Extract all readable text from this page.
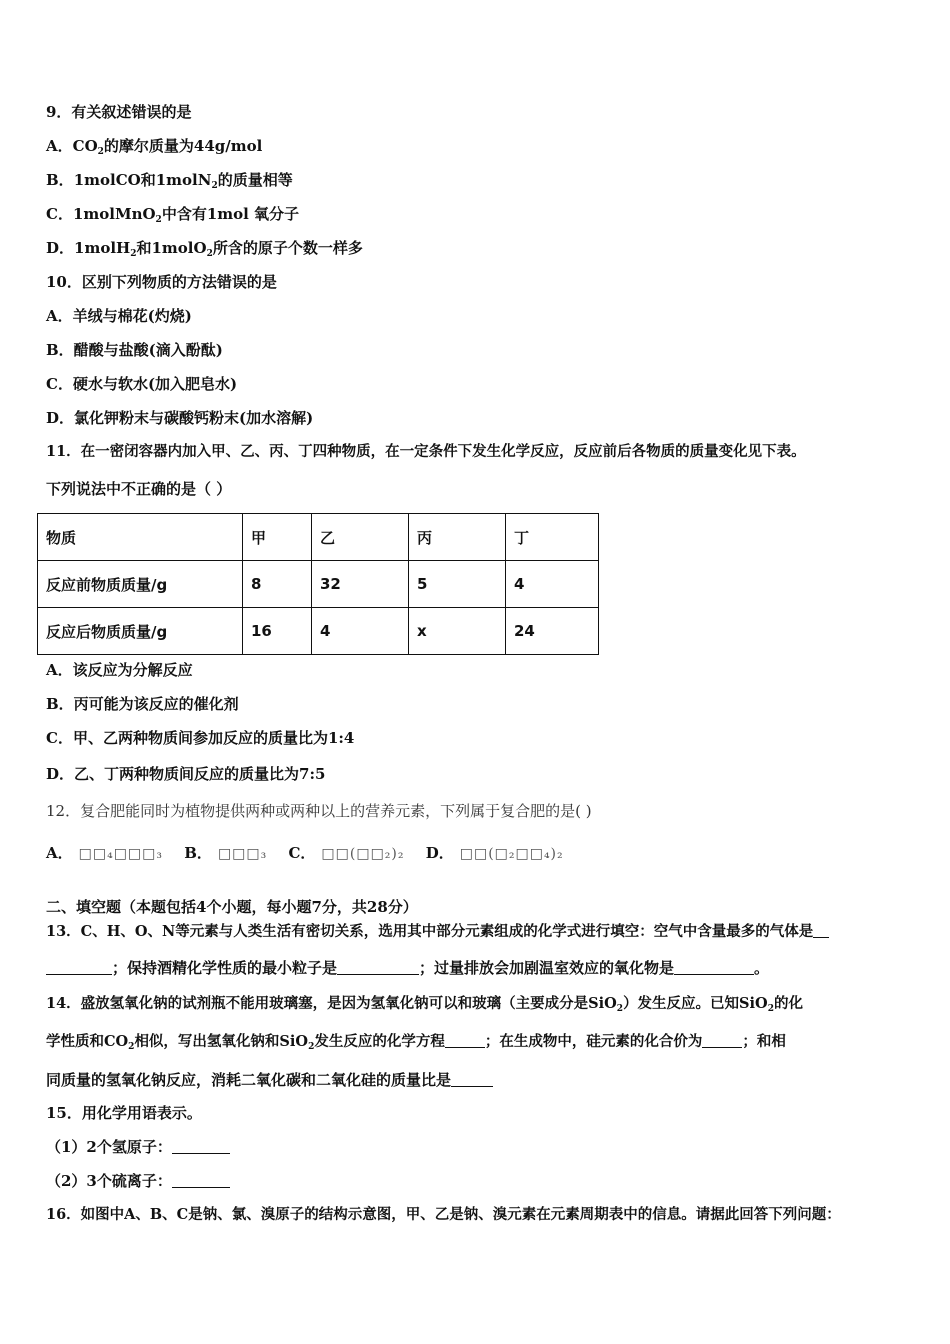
9．有关叙述错误的是
A．$CO_2$的摩尔质量为44g/mol
B．1molCO和1molN$_2$的质量相等
C．1molMnO$_2$中含有1mol 氧分子
D．1molH$_2$和1molO$_2$所含的原子个数一样多
10．区别下列物质的方法错误的是
A．羊绒与棉花(灼烧)
B．醋酸与盐酸(滴入酚酞)
C．硬水与软水(加入肥皂水)
D．氯化钾粉末与碳酸钙粉末(加水溶解)
11．在一密闭容器内加入甲、乙、丙、丁四种物质，在一定条件下发生化学反应，反应前后各物质的质量变化见下表。
下列说法中不正确的是（ ）
物质	甲	乙	丙	丁
反应前物质质量/g	8	32	5	4
反应后物质质量/g	16	4	x	24
A．该反应为分解反应
B．丙可能为该反应的催化剂
C．甲、乙两种物质间参加反应的质量比为1:4
D．乙、丁两种物质间反应的质量比为7:5
12．复合肥能同时为植物提供两种或两种以上的营养元素，下列属于复合肥的是( )
A． □□₄□□□₃ B． □□□₃ C． □□(□□₂)₂ D． □□(□₂□□₄)₂
二、填空题（本题包括4个小题，每小题7分，共28分）
13．C、H、O、N等元素与人类生活有密切关系，选用其中部分元素组成的化学式进行填空：空气中含量最多的气体是
；保持酒精化学性质的最小粒子是	；过量排放会加剧温室效应的氧化物是	。
14．盛放氢氧化钠的试剂瓶不能用玻璃塞，是因为氢氧化钠可以和玻璃（主要成分是SiO$_2$）发生反应。已知SiO$_2$的化
学性质和$CO_2$相似，写出氢氧化钠和SiO$_2$发生反应的化学方程	；在生成物中，硅元素的化合价为	；和相
同质量的氢氧化钠反应，消耗二氧化碳和二氧化硅的质量比是
15．用化学用语表示。
（1）2个氢原子：
（2）3个硫离子：
16．如图中A、B、C是钠、氯、溴原子的结构示意图，甲、乙是钠、溴元素在元素周期表中的信息。请据此回答下列问题：
